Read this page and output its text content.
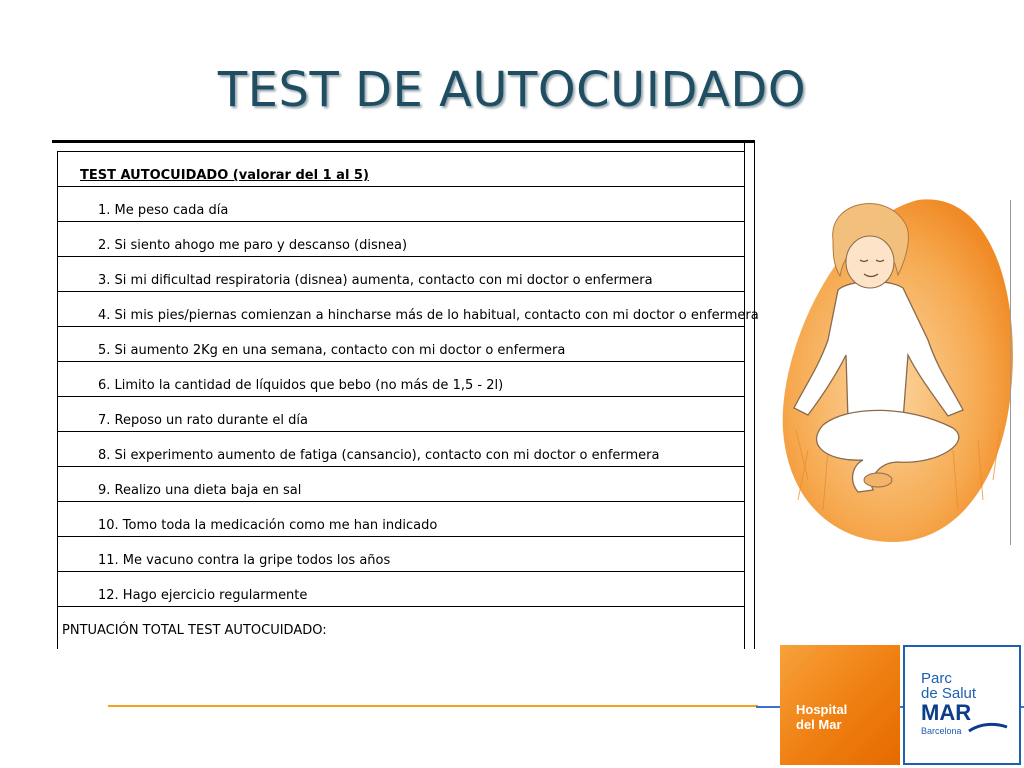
TEST DE AUTOCUIDADO
TEST AUTOCUIDADO (valorar del 1 al 5)
1. Me peso cada día
2. Si siento ahogo me paro y descanso (disnea)
3. Si mi dificultad respiratoria (disnea) aumenta, contacto con mi doctor o enfermera
4. Si mis pies/piernas comienzan a hincharse más de lo habitual, contacto con mi doctor o enfermera
5. Si aumento 2Kg en una semana, contacto con mi doctor o enfermera
6. Limito la cantidad de líquidos que bebo (no más de 1,5 - 2l)
7. Reposo un rato durante el día
8. Si experimento aumento de fatiga (cansancio), contacto con mi doctor o enfermera
9. Realizo una dieta baja en sal
10. Tomo toda la medicación como me han indicado
11. Me vacuno contra la gripe todos los años
12. Hago ejercicio regularmente
PNTUACIÓN TOTAL TEST AUTOCUIDADO:
Hospital
del Mar
Parc
de Salut
MAR
Barcelona
